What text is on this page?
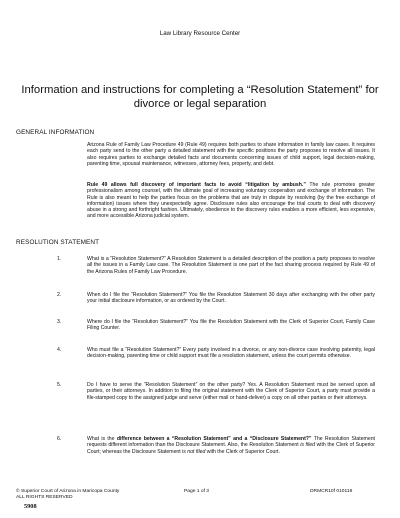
Law Library Resource Center
Information and instructions for completing a “Resolution Statement” for
divorce or legal separation
GENERAL INFORMATION
Arizona Rule of Family Law Procedure 49 (Rule 49) requires both parties to share information in family law cases. It requires each party send to the other party a detailed statement with the specific positions the party proposes to resolve all issues. It also requires parties to exchange detailed facts and documents concerning issues of child support, legal decision-making, parenting time, spousal maintenance, witnesses, attorney fees, property, and debt.
Rule 49 allows full discovery of important facts to avoid “litigation by ambush.” The rule promotes greater professionalism among counsel, with the ultimate goal of increasing voluntary cooperation and exchange of information. The Rule is also meant to help the parties focus on the problems that are truly in dispute by resolving (by the free exchange of information) issues where they unexpectedly agree. Disclosure rules also encourage the trial courts to deal with discovery abuse in a strong and forthright fashion. Ultimately, obedience to the discovery rules enables a more efficient, less expensive, and more accessible Arizona judicial system.
RESOLUTION STATEMENT
1.	What is a “Resolution Statement?” A Resolution Statement is a detailed description of the position a party proposes to resolve all the issues in a Family Law case. The Resolution Statement is one part of the fact sharing process required by Rule 49 of the Arizona Rules of Family Law Procedure.
2.	When do I file the “Resolution Statement?” You file the Resolution Statement 30 days after exchanging with the other party your initial disclosure information, or as ordered by the Court.
3.	Where do I file the “Resolution Statement?” You file the Resolution Statement with the Clerk of Superior Court, Family Case Filing Counter.
4.	Who must file a “Resolution Statement?” Every party involved in a divorce, or any non-divorce case involving paternity, legal decision-making, parenting time or child support must file a resolution statement, unless the court permits otherwise.
5.	Do I have to serve the “Resolution Statement” on the other party? Yes. A Resolution Statement must be served upon all parties, or their attorneys. In addition to filing the original statement with the Clerk of Superior Court, a party must provide a file-stamped copy to the assigned judge and serve (either mail or hand-deliver) a copy on all other parties or their attorneys.
6.	What is the difference between a “Resolution Statement” and a “Disclosure Statement?” The Resolution Statement requests different information than the Disclosure Statement. Also, the Resolution Statement is filed with the Clerk of Superior Court; whereas the Disclosure Statement is not filed with the Clerk of Superior Court.
© Superior Court of Arizona in Maricopa County
ALL RIGHTS RESERVED
Page 1 of 3	DRMCR10f 010119
5908
